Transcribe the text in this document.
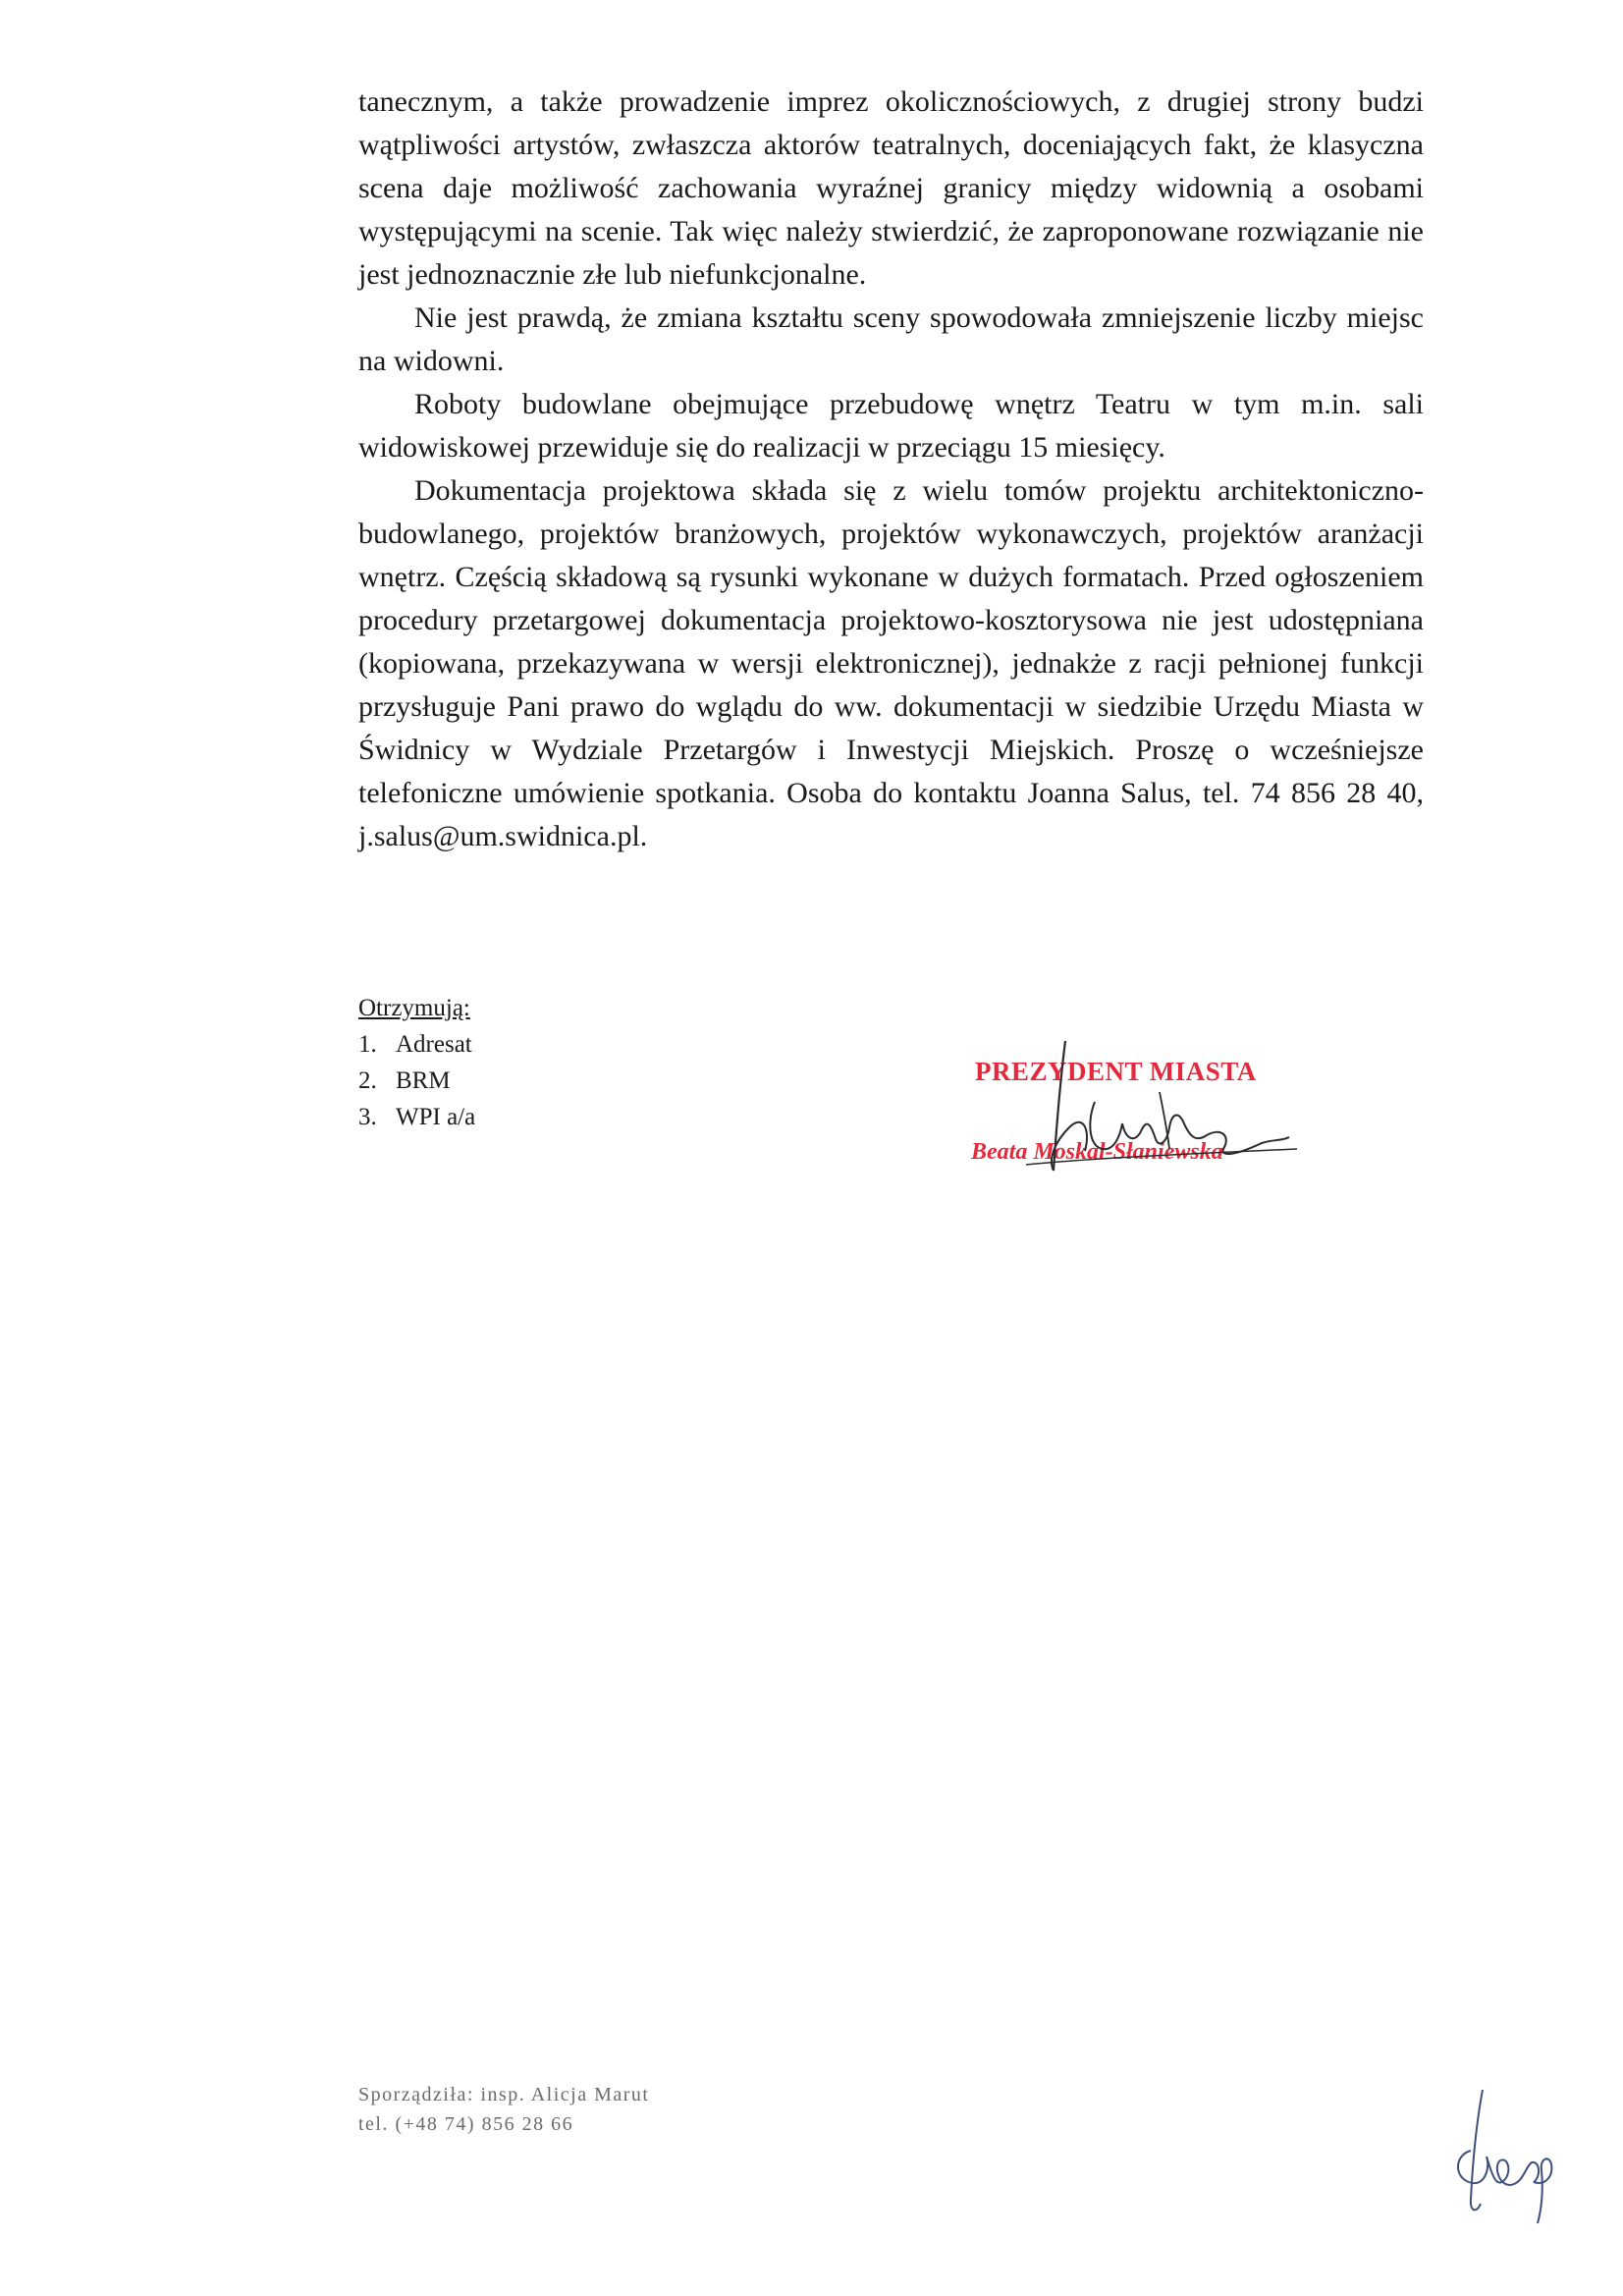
tanecznym, a także prowadzenie imprez okolicznościowych, z drugiej strony budzi wątpliwości artystów, zwłaszcza aktorów teatralnych, doceniających fakt, że klasyczna scena daje możliwość zachowania wyraźnej granicy między widownią a osobami występującymi na scenie. Tak więc należy stwierdzić, że zaproponowane rozwiązanie nie jest jednoznacznie złe lub niefunkcjonalne.

Nie jest prawdą, że zmiana kształtu sceny spowodowała zmniejszenie liczby miejsc na widowni.

Roboty budowlane obejmujące przebudowę wnętrz Teatru w tym m.in. sali widowiskowej przewiduje się do realizacji w przeciągu 15 miesięcy.

Dokumentacja projektowa składa się z wielu tomów projektu architektoniczno-budowlanego, projektów branżowych, projektów wykonawczych, projektów aranżacji wnętrz. Częścią składową są rysunki wykonane w dużych formatach. Przed ogłoszeniem procedury przetargowej dokumentacja projektowo-kosztorysowa nie jest udostępniana (kopiowana, przekazywana w wersji elektronicznej), jednakże z racji pełnionej funkcji przysługuje Pani prawo do wglądu do ww. dokumentacji w siedzibie Urzędu Miasta w Świdnicy w Wydziale Przetargów i Inwestycji Miejskich. Proszę o wcześniejsze telefoniczne umówienie spotkania. Osoba do kontaktu Joanna Salus, tel. 74 856 28 40, j.salus@um.swidnica.pl.

Otrzymują:
1. Adresat
2. BRM
3. WPI a/a
PREZYDENT MIASTA
Beata Moskal-Słaniewska
Sporządziła: insp. Alicja Marut
tel. (+48 74) 856 28 66
